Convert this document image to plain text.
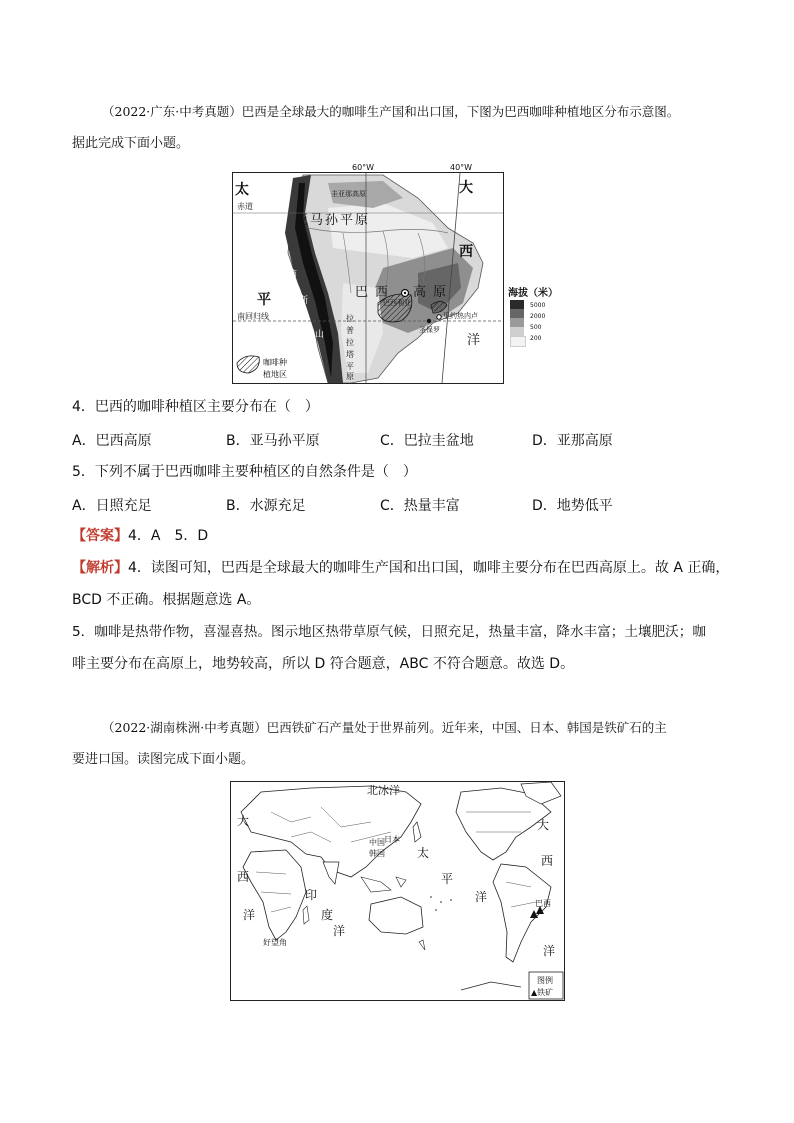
（2022·广东·中考真题）巴西是全球最大的咖啡生产国和出口国，下图为巴西咖啡种植地区分布示意图。
据此完成下面小题。
太
平
大
西
洋
赤道
南回归线
圭亚那高原
亚马孙平原
安
第
斯
山
脉
巴 西 高 原
拉
普
拉
塔
平
原
巴西利亚
里约热内卢
圣保罗
咖啡种
植地区
60°W	40°W
海拔（米）
5000
2000
500
200
4．巴西的咖啡种植区主要分布在（　）
A．巴西高原	B．亚马孙平原	C．巴拉圭盆地	D．亚那高原
5．下列不属于巴西咖啡主要种植区的自然条件是（　）
A．日照充足	B．水源充足	C．热量丰富	D．地势低平
【答案】4．A　5．D
【解析】4．读图可知，巴西是全球最大的咖啡生产国和出口国，咖啡主要分布在巴西高原上。故 A 正确，
BCD 不正确。根据题意选 A。
5．咖啡是热带作物，喜湿喜热。图示地区热带草原气候，日照充足，热量丰富，降水丰富；土壤肥沃；咖
啡主要分布在高原上，地势较高，所以 D 符合题意，ABC 不符合题意。故选 D。
（2022·湖南株洲·中考真题）巴西铁矿石产量处于世界前列。近年来，中国、日本、韩国是铁矿石的主
要进口国。读图完成下面小题。
北冰洋
大
西
洋
大
西
洋
印
度
洋
太
平
洋
中国 日本
韩国
巴西
好望角
图例
▲铁矿
